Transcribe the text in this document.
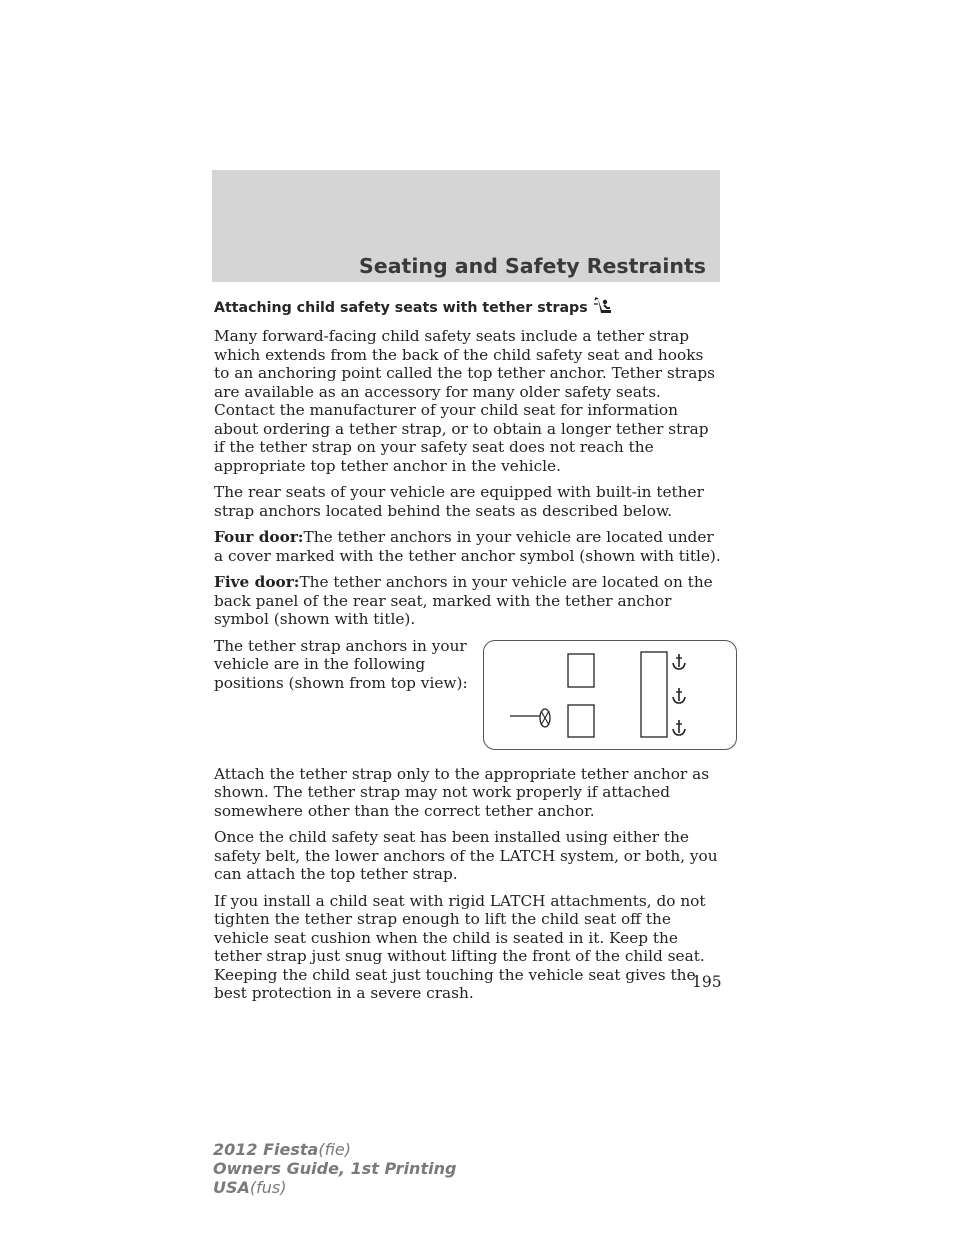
Seating and Safety Restraints
Attaching child safety seats with tether straps

Many forward-facing child safety seats include a tether strap which extends from the back of the child safety seat and hooks to an anchoring point called the top tether anchor. Tether straps are available as an accessory for many older safety seats. Contact the manufacturer of your child seat for information about ordering a tether strap, or to obtain a longer tether strap if the tether strap on your safety seat does not reach the appropriate top tether anchor in the vehicle.

The rear seats of your vehicle are equipped with built-in tether strap anchors located behind the seats as described below.

Four door:The tether anchors in your vehicle are located under a cover marked with the tether anchor symbol (shown with title).

Five door:The tether anchors in your vehicle are located on the back panel of the rear seat, marked with the tether anchor symbol (shown with title).

The tether strap anchors in your vehicle are in the following positions (shown from top view):

Attach the tether strap only to the appropriate tether anchor as shown. The tether strap may not work properly if attached somewhere other than the correct tether anchor.

Once the child safety seat has been installed using either the safety belt, the lower anchors of the LATCH system, or both, you can attach the top tether strap.

If you install a child seat with rigid LATCH attachments, do not tighten the tether strap enough to lift the child seat off the vehicle seat cushion when the child is seated in it. Keep the tether strap just snug without lifting the front of the child seat. Keeping the child seat just touching the vehicle seat gives the best protection in a severe crash.

195
2012 Fiesta(fie)
Owners Guide, 1st Printing
USA(fus)
